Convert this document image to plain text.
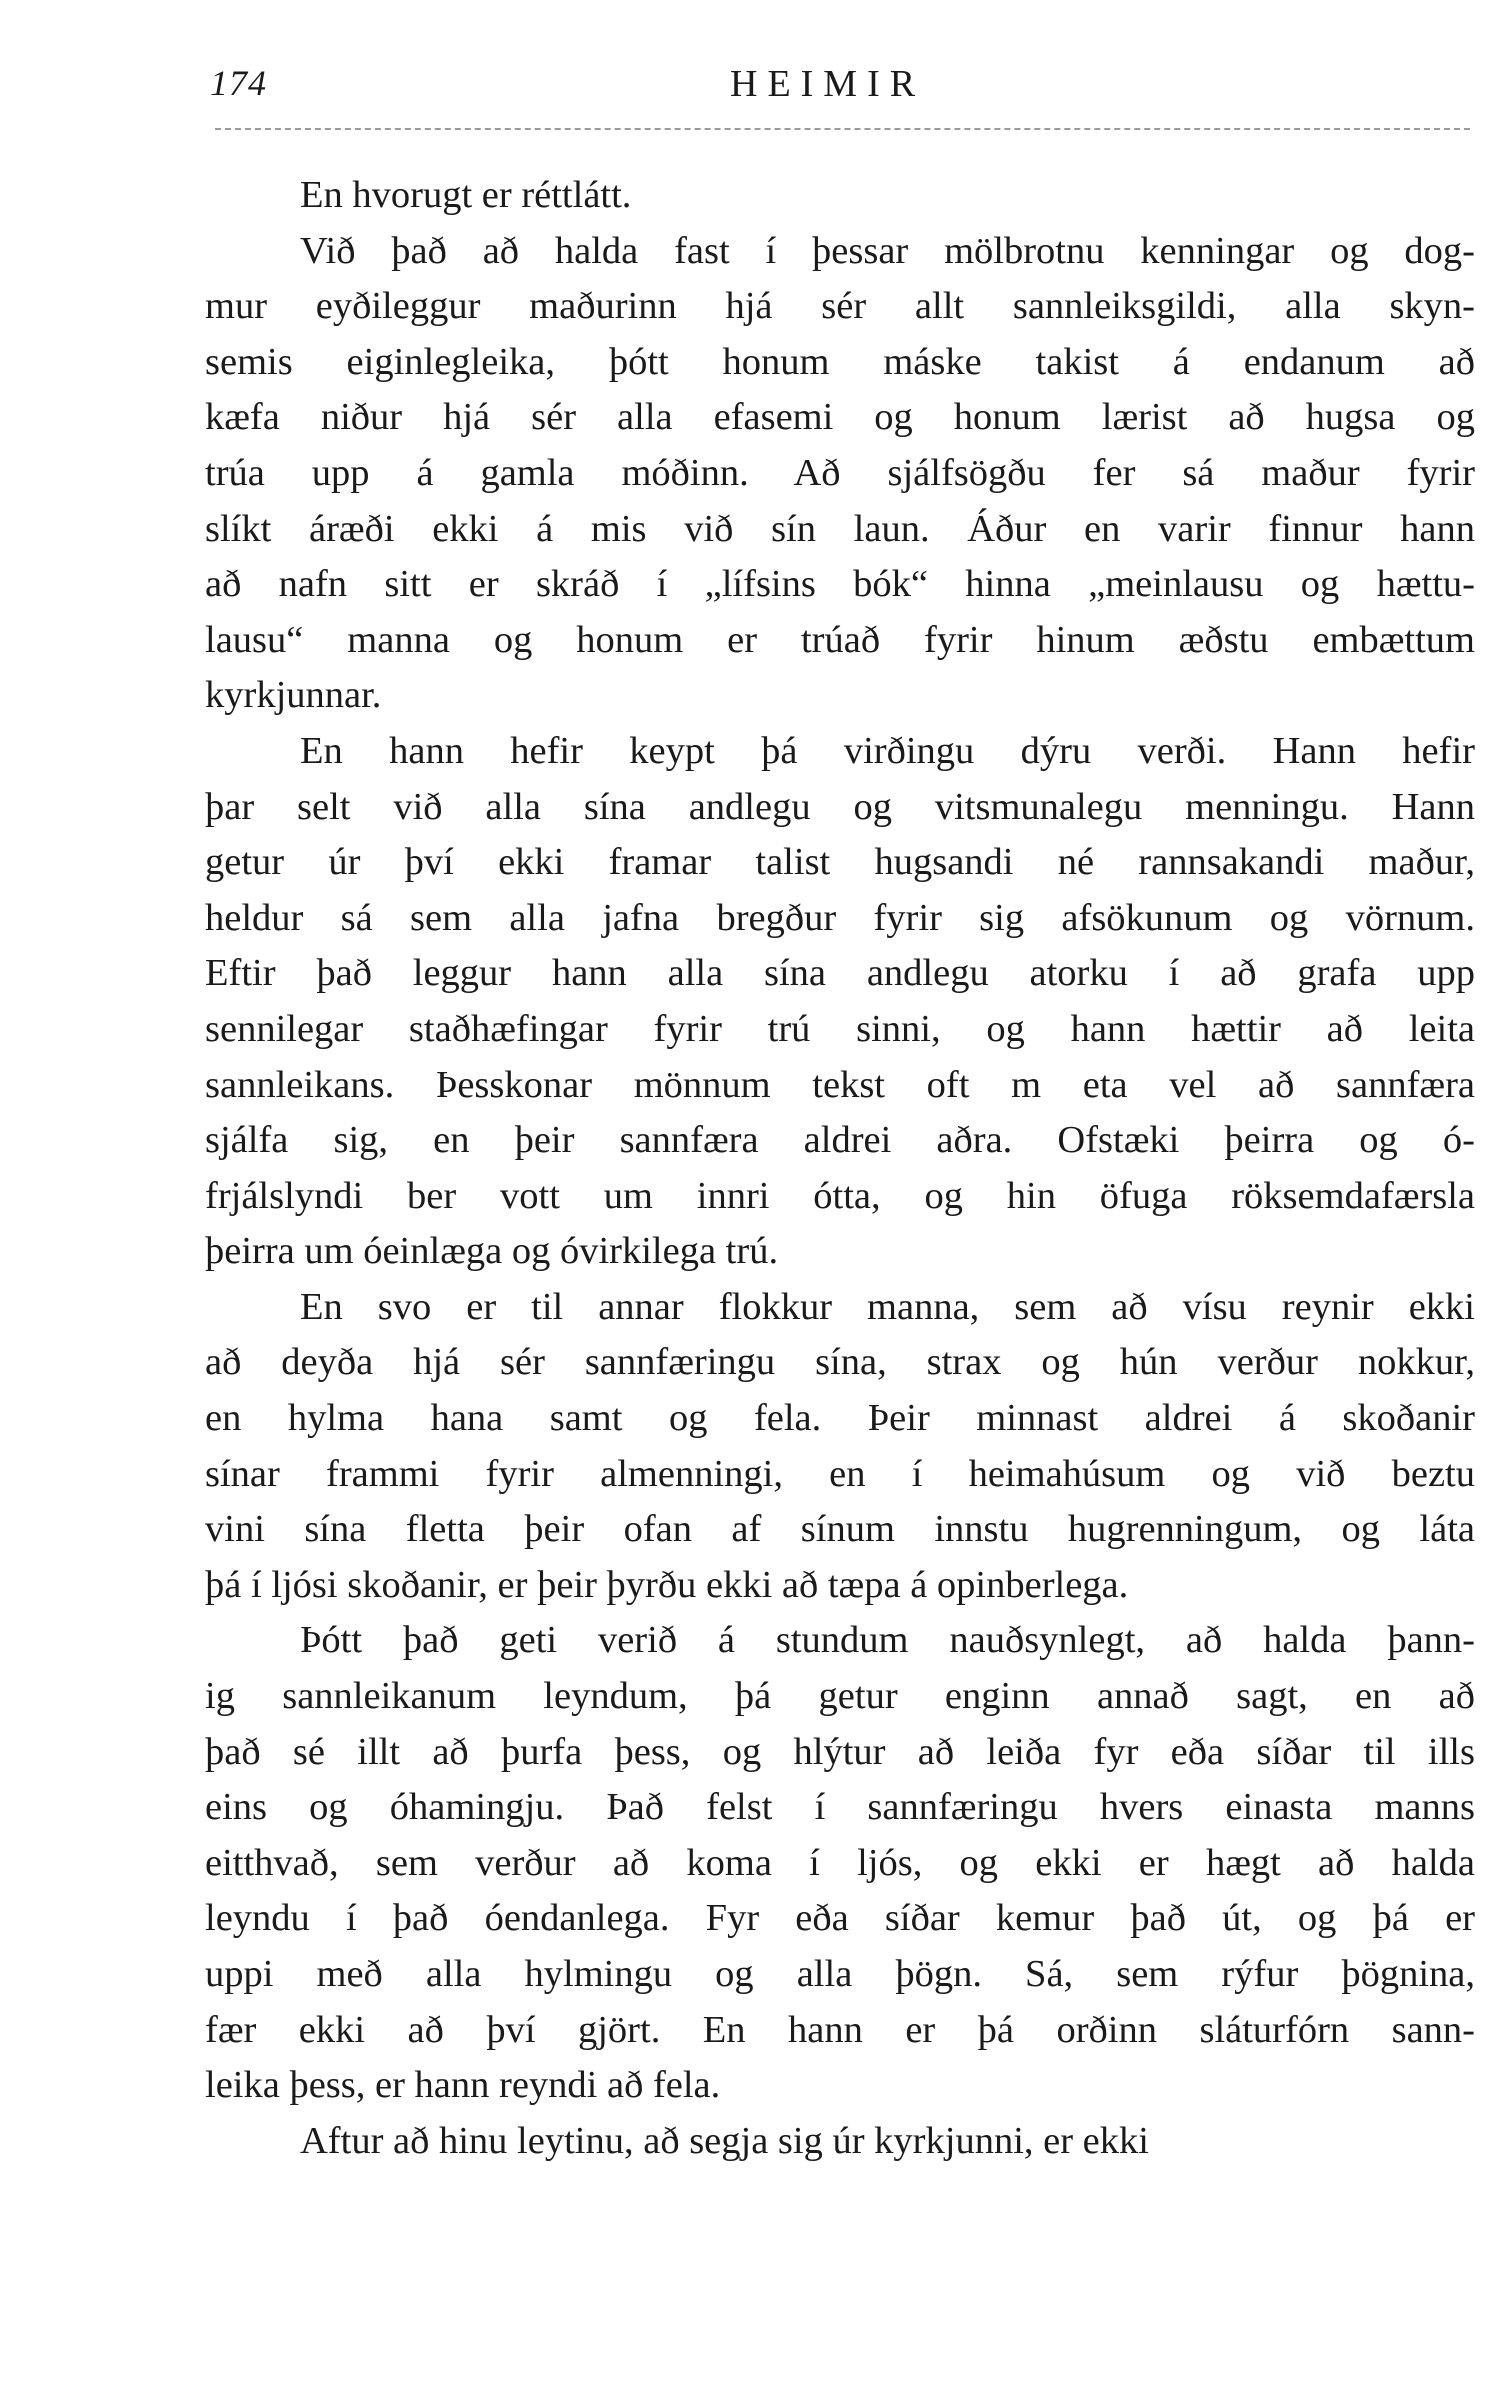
174	HEIMIR
En hvorugt er réttlátt.
Við það að halda fast í þessar mölbrotnu kenningar og dog-
mur eyðileggur maðurinn hjá sér allt sannleiksgildi, alla skyn-
semis eiginlegleika, þótt honum máske takist á endanum að
kæfa niður hjá sér alla efasemi og honum lærist að hugsa og
trúa upp á gamla móðinn. Að sjálfsögðu fer sá maður fyrir
slíkt áræði ekki á mis við sín laun. Áður en varir finnur hann
að nafn sitt er skráð í „lífsins bók“ hinna „meinlausu og hættu-
lausu“ manna og honum er trúað fyrir hinum æðstu embættum
kyrkjunnar.
En hann hefir keypt þá virðingu dýru verði. Hann hefir
þar selt við alla sína andlegu og vitsmunalegu menningu. Hann
getur úr því ekki framar talist hugsandi né rannsakandi maður,
heldur sá sem alla jafna bregður fyrir sig afsökunum og vörnum.
Eftir það leggur hann alla sína andlegu atorku í að grafa upp
sennilegar staðhæfingar fyrir trú sinni, og hann hættir að leita
sannleikans. Þesskonar mönnum tekst oft m eta vel að sannfæra
sjálfa sig, en þeir sannfæra aldrei aðra. Ofstæki þeirra og ó-
frjálslyndi ber vott um innri ótta, og hin öfuga röksemdafærsla
þeirra um óeinlæga og óvirkilega trú.
En svo er til annar flokkur manna, sem að vísu reynir ekki
að deyða hjá sér sannfæringu sína, strax og hún verður nokkur,
en hylma hana samt og fela. Þeir minnast aldrei á skoðanir
sínar frammi fyrir almenningi, en í heimahúsum og við beztu
vini sína fletta þeir ofan af sínum innstu hugrenningum, og láta
þá í ljósi skoðanir, er þeir þyrðu ekki að tæpa á opinberlega.
Þótt það geti verið á stundum nauðsynlegt, að halda þann-
ig sannleikanum leyndum, þá getur enginn annað sagt, en að
það sé illt að þurfa þess, og hlýtur að leiða fyr eða síðar til ills
eins og óhamingju. Það felst í sannfæringu hvers einasta manns
eitthvað, sem verður að koma í ljós, og ekki er hægt að halda
leyndu í það óendanlega. Fyr eða síðar kemur það út, og þá er
uppi með alla hylmingu og alla þögn. Sá, sem rýfur þögnina,
fær ekki að því gjört. En hann er þá orðinn sláturfórn sann-
leika þess, er hann reyndi að fela.
Aftur að hinu leytinu, að segja sig úr kyrkjunni, er ekki
